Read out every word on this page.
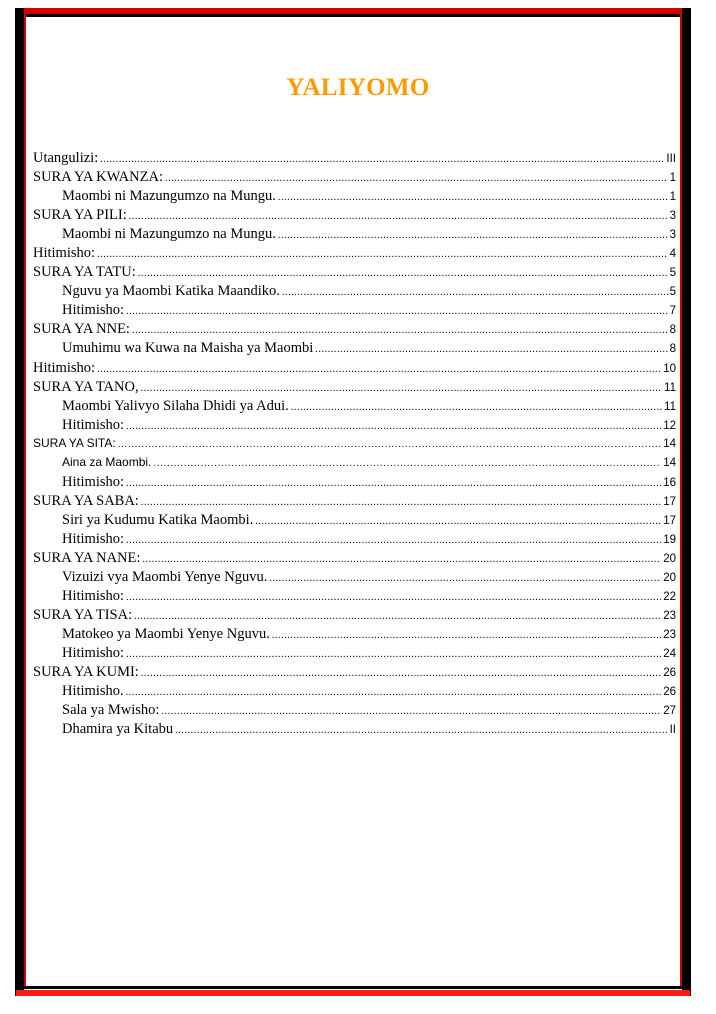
YALIYOMO
Utangulizi: .....	III
SURA YA KWANZA: .....	1
Maombi ni Mazungumzo na Mungu. .....	1
SURA YA PILI: .....	3
Maombi ni Mazungumzo na Mungu. .....	3
Hitimisho: .....	4
SURA YA TATU: .....	5
Nguvu ya Maombi Katika Maandiko. .....	5
Hitimisho: .....	7
SURA YA NNE: .....	8
Umuhimu wa Kuwa na Maisha ya Maombi .....	8
Hitimisho: .....	10
SURA YA TANO, .....	11
Maombi Yalivyo Silaha Dhidi ya Adui. .....	11
Hitimisho: .....	12
SURA YA SITA: .....	14
Aina za Maombi. .....	14
Hitimisho: .....	16
SURA YA SABA: .....	17
Siri ya Kudumu Katika Maombi. .....	17
Hitimisho: .....	19
SURA YA NANE: .....	20
Vizuizi vya Maombi Yenye Nguvu. .....	20
Hitimisho: .....	22
SURA YA TISA: .....	23
Matokeo ya Maombi Yenye Nguvu. .....	23
Hitimisho: .....	24
SURA YA KUMI: .....	26
Hitimisho. .....	26
Sala ya Mwisho: .....	27
Dhamira ya Kitabu .....	II
